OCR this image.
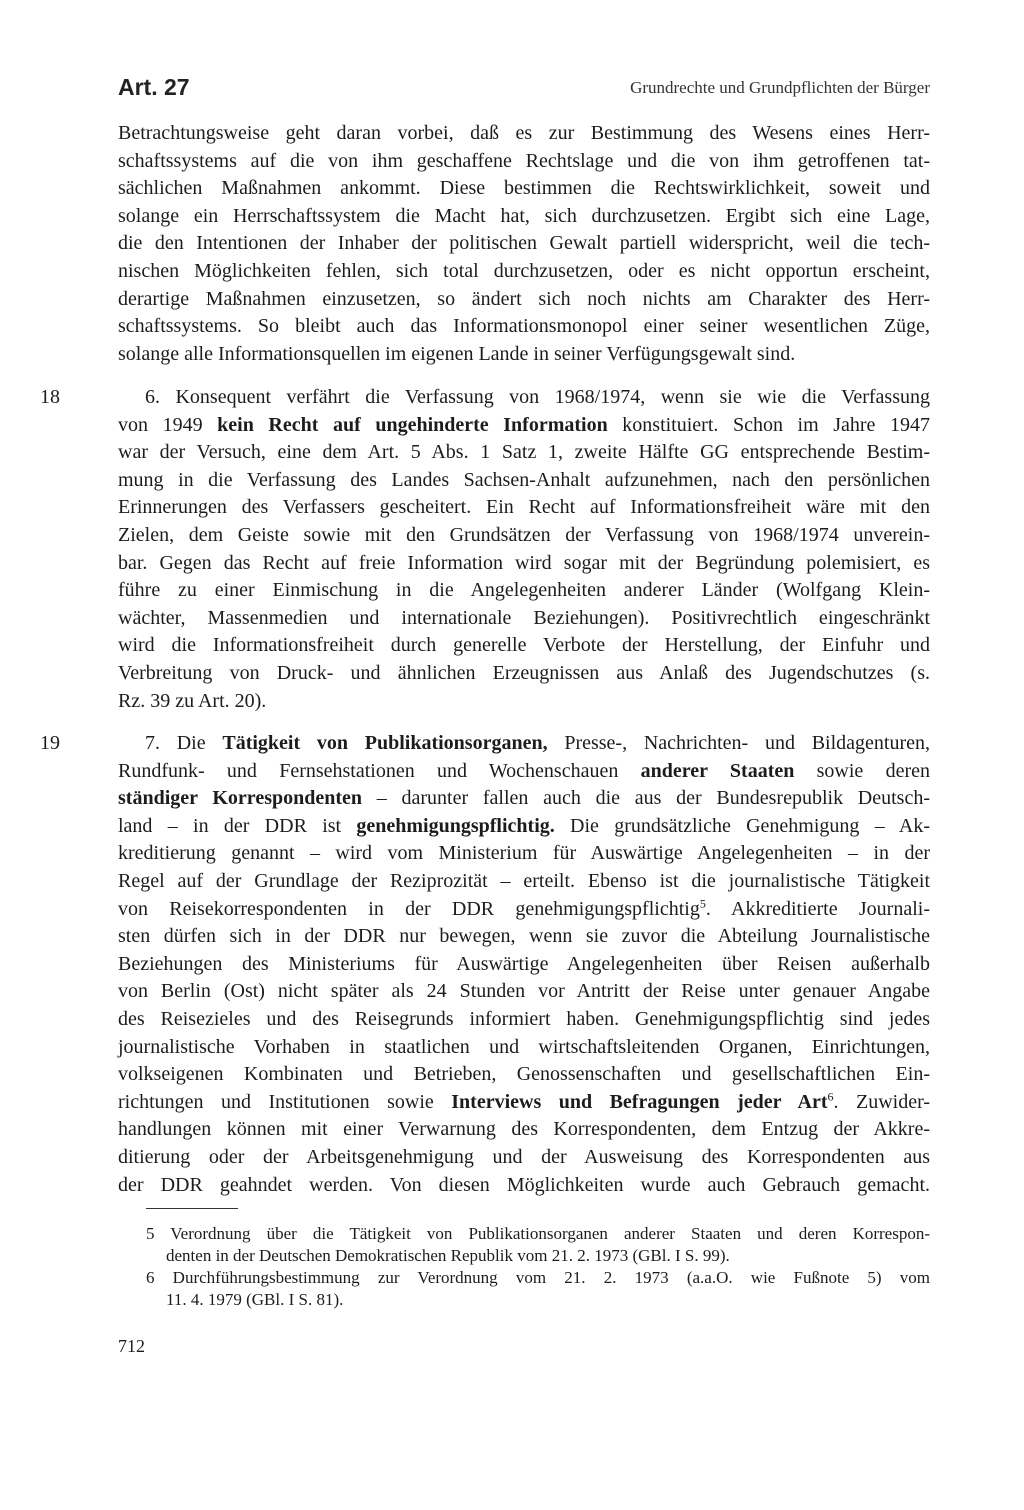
Art. 27	Grundrechte und Grundpflichten der Bürger
Betrachtungsweise geht daran vorbei, daß es zur Bestimmung des Wesens eines Herr-
schaftssystems auf die von ihm geschaffene Rechtslage und die von ihm getroffenen tat-
sächlichen Maßnahmen ankommt. Diese bestimmen die Rechtswirklichkeit, soweit und
solange ein Herrschaftssystem die Macht hat, sich durchzusetzen. Ergibt sich eine Lage,
die den Intentionen der Inhaber der politischen Gewalt partiell widerspricht, weil die tech-
nischen Möglichkeiten fehlen, sich total durchzusetzen, oder es nicht opportun erscheint,
derartige Maßnahmen einzusetzen, so ändert sich noch nichts am Charakter des Herr-
schaftssystems. So bleibt auch das Informationsmonopol einer seiner wesentlichen Züge,
solange alle Informationsquellen im eigenen Lande in seiner Verfügungsgewalt sind.
18	6. Konsequent verfährt die Verfassung von 1968/1974, wenn sie wie die Verfassung
von 1949 kein Recht auf ungehinderte Information konstituiert. Schon im Jahre 1947
war der Versuch, eine dem Art. 5 Abs. 1 Satz 1, zweite Hälfte GG entsprechende Bestim-
mung in die Verfassung des Landes Sachsen-Anhalt aufzunehmen, nach den persönlichen
Erinnerungen des Verfassers gescheitert. Ein Recht auf Informationsfreiheit wäre mit den
Zielen, dem Geiste sowie mit den Grundsätzen der Verfassung von 1968/1974 unverein-
bar. Gegen das Recht auf freie Information wird sogar mit der Begründung polemisiert, es
führe zu einer Einmischung in die Angelegenheiten anderer Länder (Wolfgang Klein-
wächter, Massenmedien und internationale Beziehungen). Positivrechtlich eingeschränkt
wird die Informationsfreiheit durch generelle Verbote der Herstellung, der Einfuhr und
Verbreitung von Druck- und ähnlichen Erzeugnissen aus Anlaß des Jugendschutzes (s.
Rz. 39 zu Art. 20).
19	7. Die Tätigkeit von Publikationsorganen, Presse-, Nachrichten- und Bildagenturen,
Rundfunk- und Fernsehstationen und Wochenschauen anderer Staaten sowie deren
ständiger Korrespondenten – darunter fallen auch die aus der Bundesrepublik Deutsch-
land – in der DDR ist genehmigungspflichtig. Die grundsätzliche Genehmigung – Ak-
kreditierung genannt – wird vom Ministerium für Auswärtige Angelegenheiten – in der
Regel auf der Grundlage der Reziprozität – erteilt. Ebenso ist die journalistische Tätigkeit
von Reisekorrespondenten in der DDR genehmigungspflichtig$^5$. Akkreditierte Journali-
sten dürfen sich in der DDR nur bewegen, wenn sie zuvor die Abteilung Journalistische
Beziehungen des Ministeriums für Auswärtige Angelegenheiten über Reisen außerhalb
von Berlin (Ost) nicht später als 24 Stunden vor Antritt der Reise unter genauer Angabe
des Reisezieles und des Reisegrunds informiert haben. Genehmigungspflichtig sind jedes
journalistische Vorhaben in staatlichen und wirtschaftsleitenden Organen, Einrichtungen,
volkseigenen Kombinaten und Betrieben, Genossenschaften und gesellschaftlichen Ein-
richtungen und Institutionen sowie Interviews und Befragungen jeder Art$^6$. Zuwider-
handlungen können mit einer Verwarnung des Korrespondenten, dem Entzug der Akkre-
ditierung oder der Arbeitsgenehmigung und der Ausweisung des Korrespondenten aus
der DDR geahndet werden. Von diesen Möglichkeiten wurde auch Gebrauch gemacht.
5 Verordnung über die Tätigkeit von Publikationsorganen anderer Staaten und deren Korrespon-
denten in der Deutschen Demokratischen Republik vom 21. 2. 1973 (GBl. I S. 99).
6 Durchführungsbestimmung zur Verordnung vom 21. 2. 1973 (a.a.O. wie Fußnote 5) vom
11. 4. 1979 (GBl. I S. 81).
712
